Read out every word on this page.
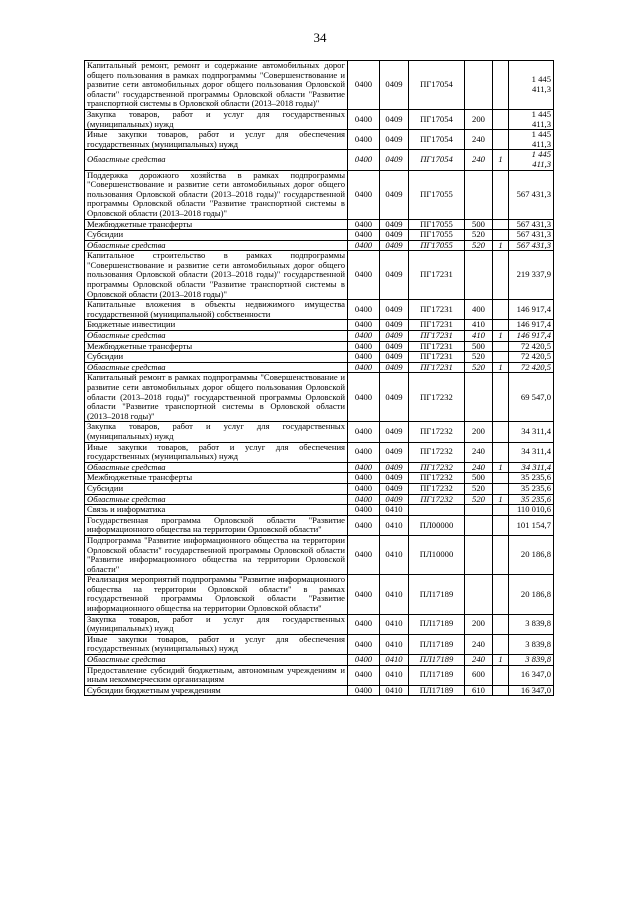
34
Капитальный ремонт, ремонт и содержание автомобильных дорог общего пользования в рамках подпрограммы "Совершенствование и развитие сети автомобильных дорог общего пользования Орловской области" государственной программы Орловской области "Развитие транспортной системы в Орловской области (2013–2018 годы)"	0400	0409	ПГ17054			1 445 411,3
Закупка товаров, работ и услуг для государственных (муниципальных) нужд	0400	0409	ПГ17054	200		1 445 411,3
Иные закупки товаров, работ и услуг для обеспечения государственных (муниципальных) нужд	0400	0409	ПГ17054	240		1 445 411,3
Областные средства	0400	0409	ПГ17054	240	1	1 445 411,3
Поддержка дорожного хозяйства в рамках подпрограммы "Совершенствование и развитие сети автомобильных дорог общего пользования Орловской области (2013–2018 годы)" государственной программы Орловской области "Развитие транспортной системы в Орловской области (2013–2018 годы)"	0400	0409	ПГ17055			567 431,3
Межбюджетные трансферты	0400	0409	ПГ17055	500		567 431,3
Субсидии	0400	0409	ПГ17055	520		567 431,3
Областные средства	0400	0409	ПГ17055	520	1	567 431,3
Капитальное строительство в рамках подпрограммы "Совершенствование и развитие сети автомобильных дорог общего пользования Орловской области (2013–2018 годы)" государственной программы Орловской области "Развитие транспортной системы в Орловской области (2013–2018 годы)"	0400	0409	ПГ17231			219 337,9
Капитальные вложения в объекты недвижимого имущества государственной (муниципальной) собственности	0400	0409	ПГ17231	400		146 917,4
Бюджетные инвестиции	0400	0409	ПГ17231	410		146 917,4
Областные средства	0400	0409	ПГ17231	410	1	146 917,4
Межбюджетные трансферты	0400	0409	ПГ17231	500		72 420,5
Субсидии	0400	0409	ПГ17231	520		72 420,5
Областные средства	0400	0409	ПГ17231	520	1	72 420,5
Капитальный ремонт в рамках подпрограммы "Совершенствование и развитие сети автомобильных дорог общего пользования Орловской области (2013–2018 годы)" государственной программы Орловской области "Развитие транспортной системы в Орловской области (2013–2018 годы)"	0400	0409	ПГ17232			69 547,0
Закупка товаров, работ и услуг для государственных (муниципальных) нужд	0400	0409	ПГ17232	200		34 311,4
Иные закупки товаров, работ и услуг для обеспечения государственных (муниципальных) нужд	0400	0409	ПГ17232	240		34 311,4
Областные средства	0400	0409	ПГ17232	240	1	34 311,4
Межбюджетные трансферты	0400	0409	ПГ17232	500		35 235,6
Субсидии	0400	0409	ПГ17232	520		35 235,6
Областные средства	0400	0409	ПГ17232	520	1	35 235,6
Связь и информатика	0400	0410				110 010,6
Государственная программа Орловской области "Развитие информационного общества на территории Орловской области"	0400	0410	ПЛ00000			101 154,7
Подпрограмма "Развитие информационного общества на территории Орловской области" государственной программы Орловской области "Развитие информационного общества на территории Орловской области"	0400	0410	ПЛ10000			20 186,8
Реализация мероприятий подпрограммы "Развитие информационного общества на территории Орловской области" в рамках государственной программы Орловской области "Развитие информационного общества на территории Орловской области"	0400	0410	ПЛ17189			20 186,8
Закупка товаров, работ и услуг для государственных (муниципальных) нужд	0400	0410	ПЛ17189	200		3 839,8
Иные закупки товаров, работ и услуг для обеспечения государственных (муниципальных) нужд	0400	0410	ПЛ17189	240		3 839,8
Областные средства	0400	0410	ПЛ17189	240	1	3 839,8
Предоставление субсидий бюджетным, автономным учреждениям и иным некоммерческим организациям	0400	0410	ПЛ17189	600		16 347,0
Субсидии бюджетным учреждениям	0400	0410	ПЛ17189	610		16 347,0
